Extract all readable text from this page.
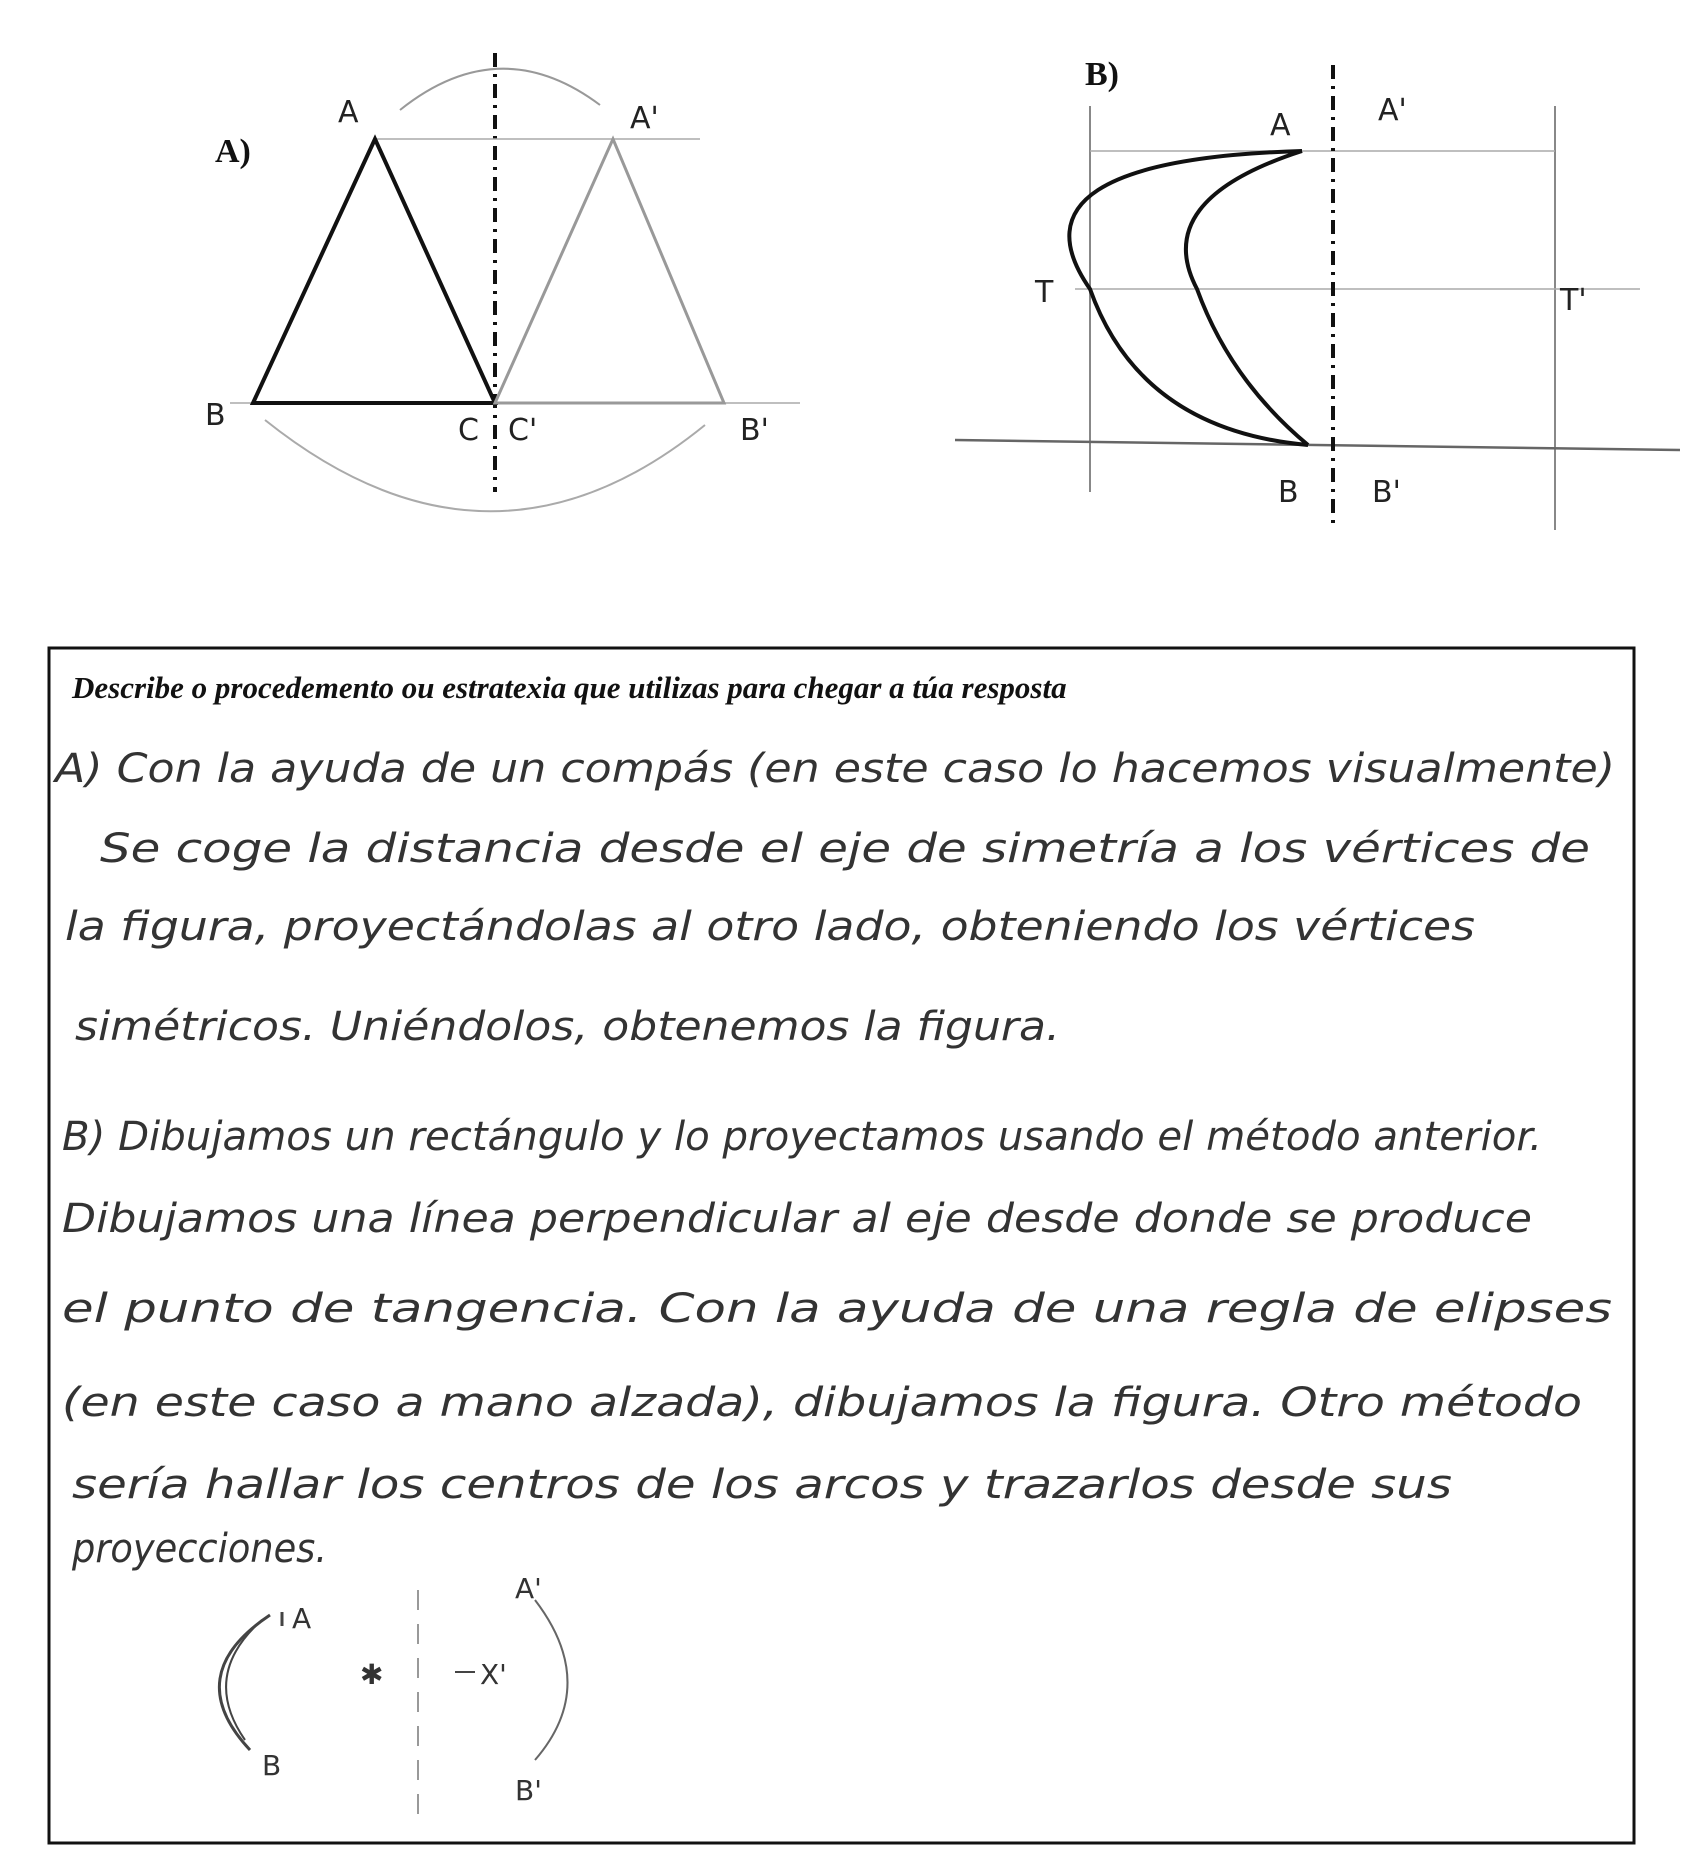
A)
A	A'
B	C C'	B'
B)
A	A'
T	T'
B B'
Describe o procedemento ou estratexia que utilizas para chegar a túa resposta
A) Con la ayuda de un compás (en este caso lo hacemos visualmente)
Se coge la distancia desde el eje de simetría a los vértices de
la figura, proyectándolas al otro lado, obteniendo los vértices
simétricos. Uniéndolos, obtenemos la figura.
B) Dibujamos un rectángulo y lo proyectamos usando el método anterior.
Dibujamos una línea perpendicular al eje desde donde se produce
el punto de tangencia. Con la ayuda de una regla de elipses
(en este caso a mano alzada), dibujamos la figura. Otro método
sería hallar los centros de los arcos y trazarlos desde sus
proyecciones.
✱
A
B
A'
B'
X'
